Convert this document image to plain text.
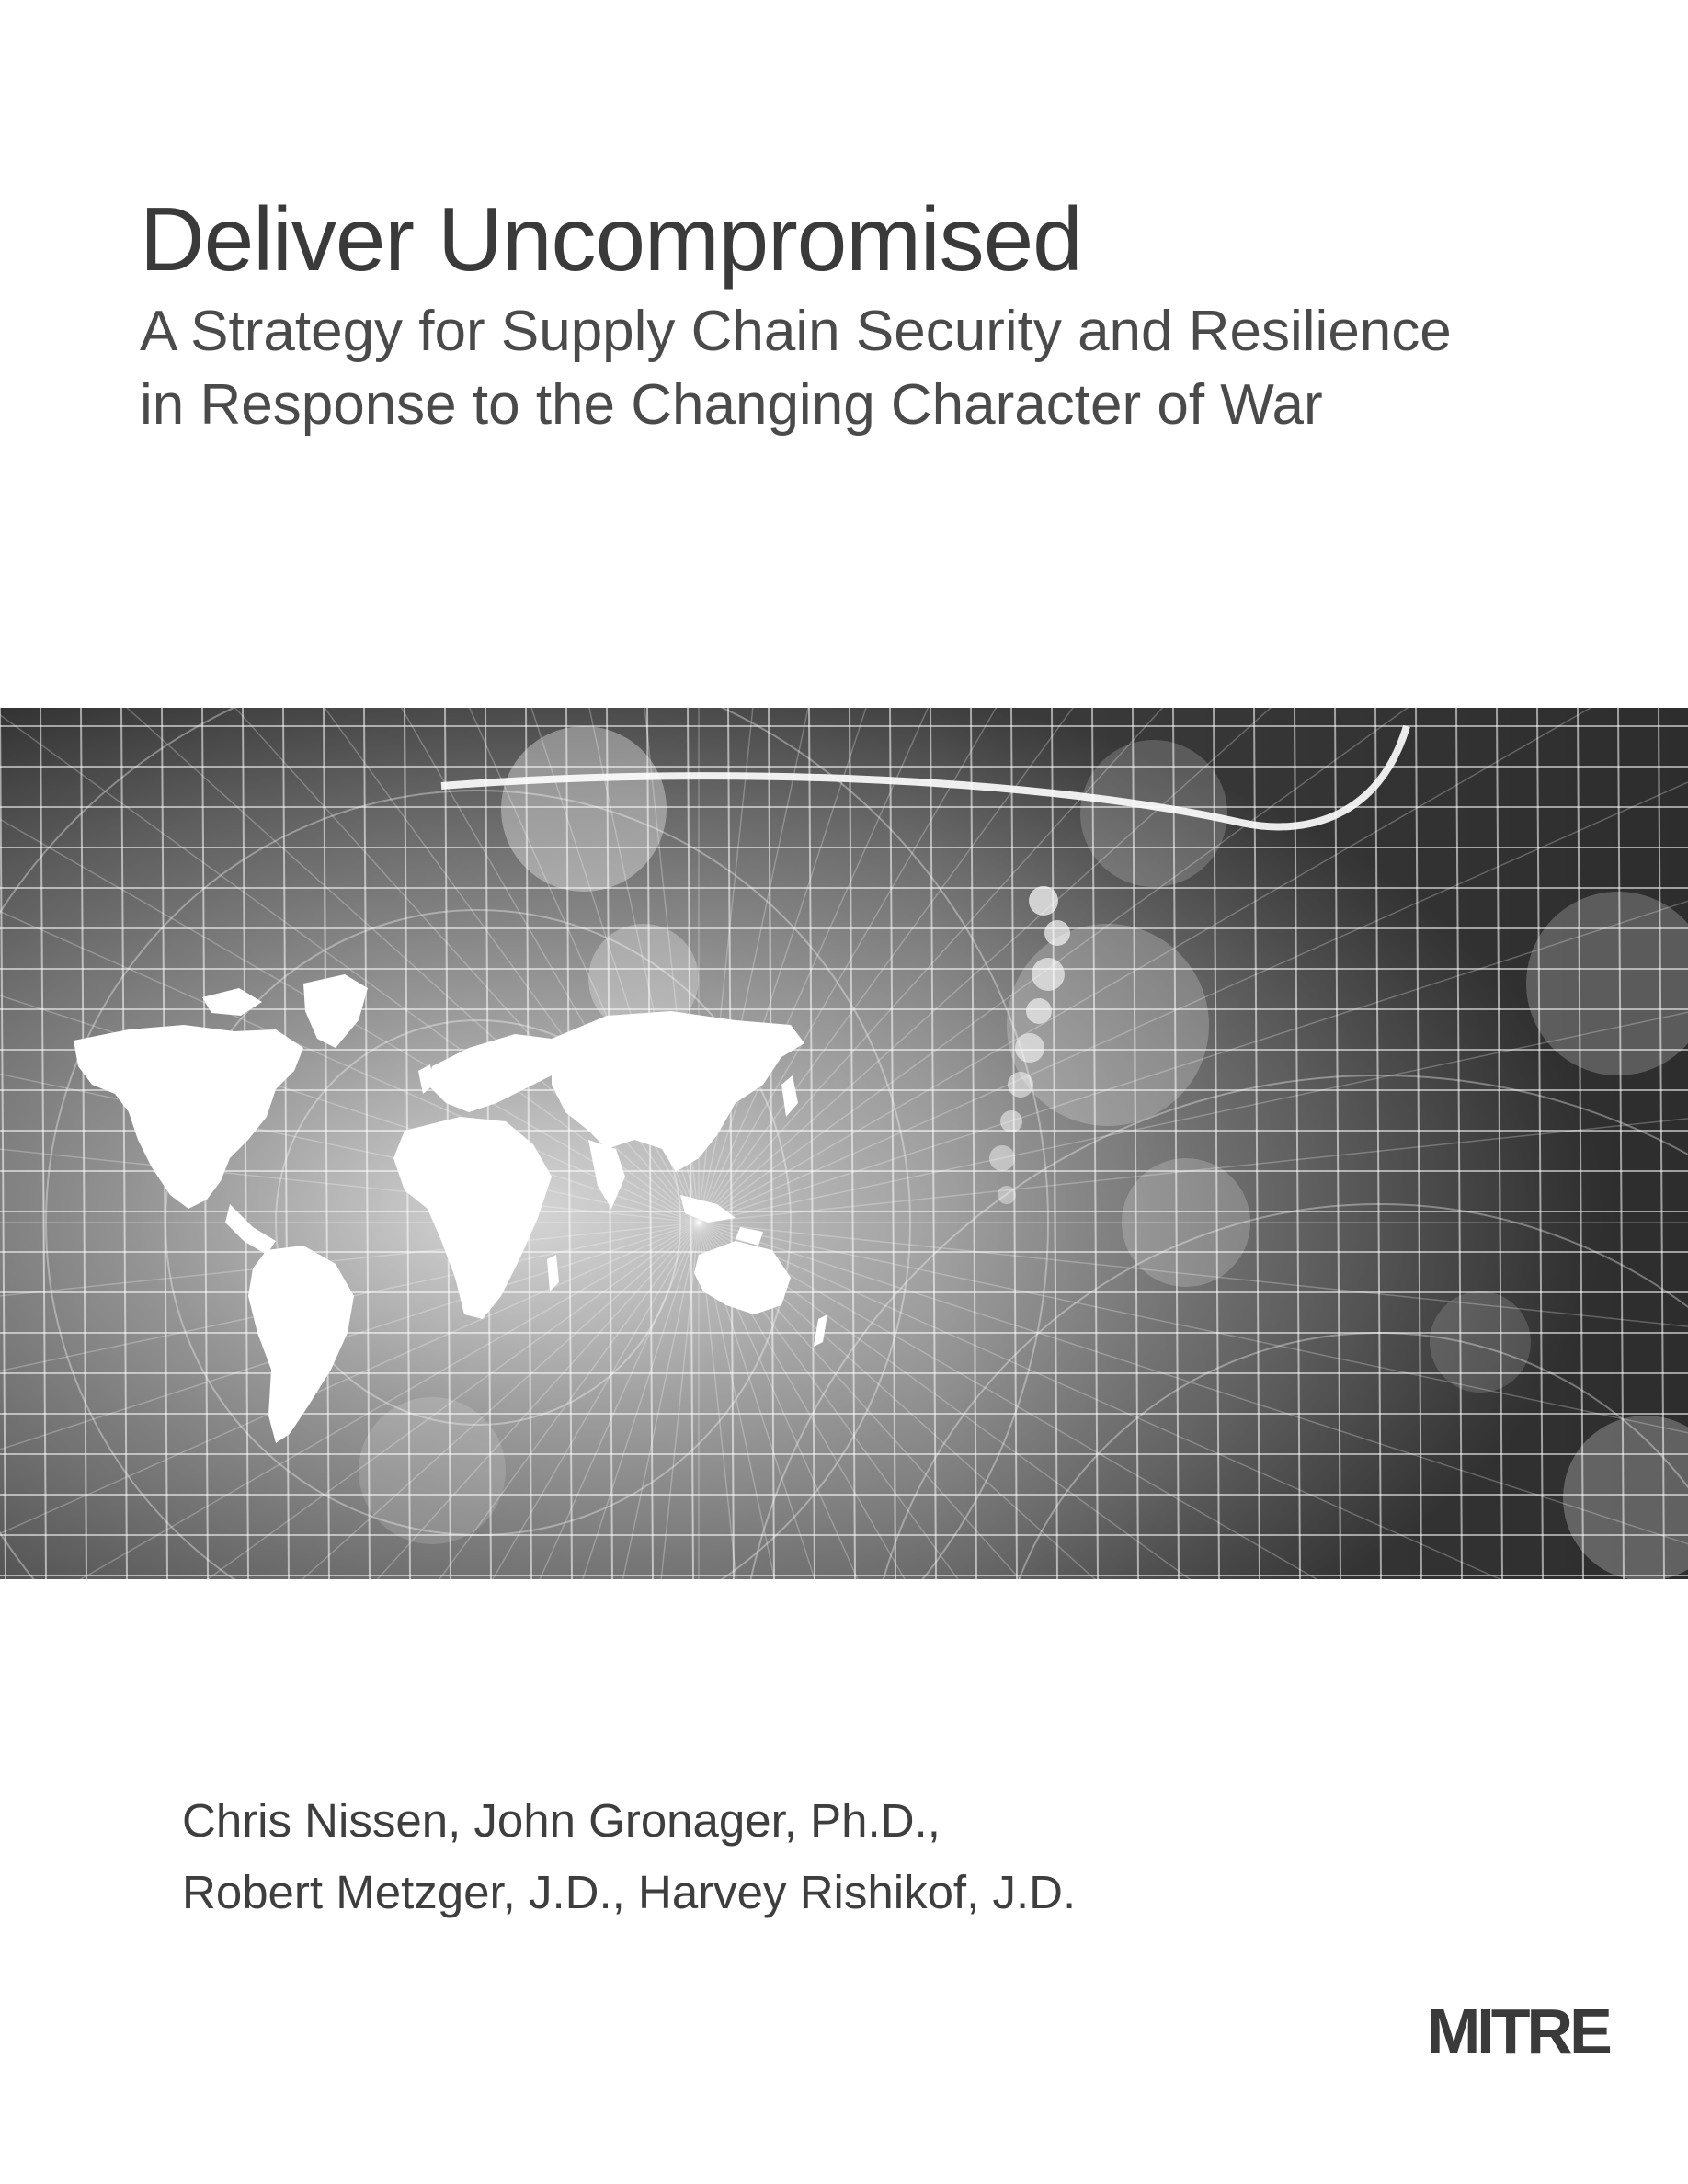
Deliver Uncompromised

A Strategy for Supply Chain Security and Resilience
in Response to the Changing Character of War

Chris Nissen, John Gronager, Ph.D.,
Robert Metzger, J.D., Harvey Rishikof, J.D.
MITRE
